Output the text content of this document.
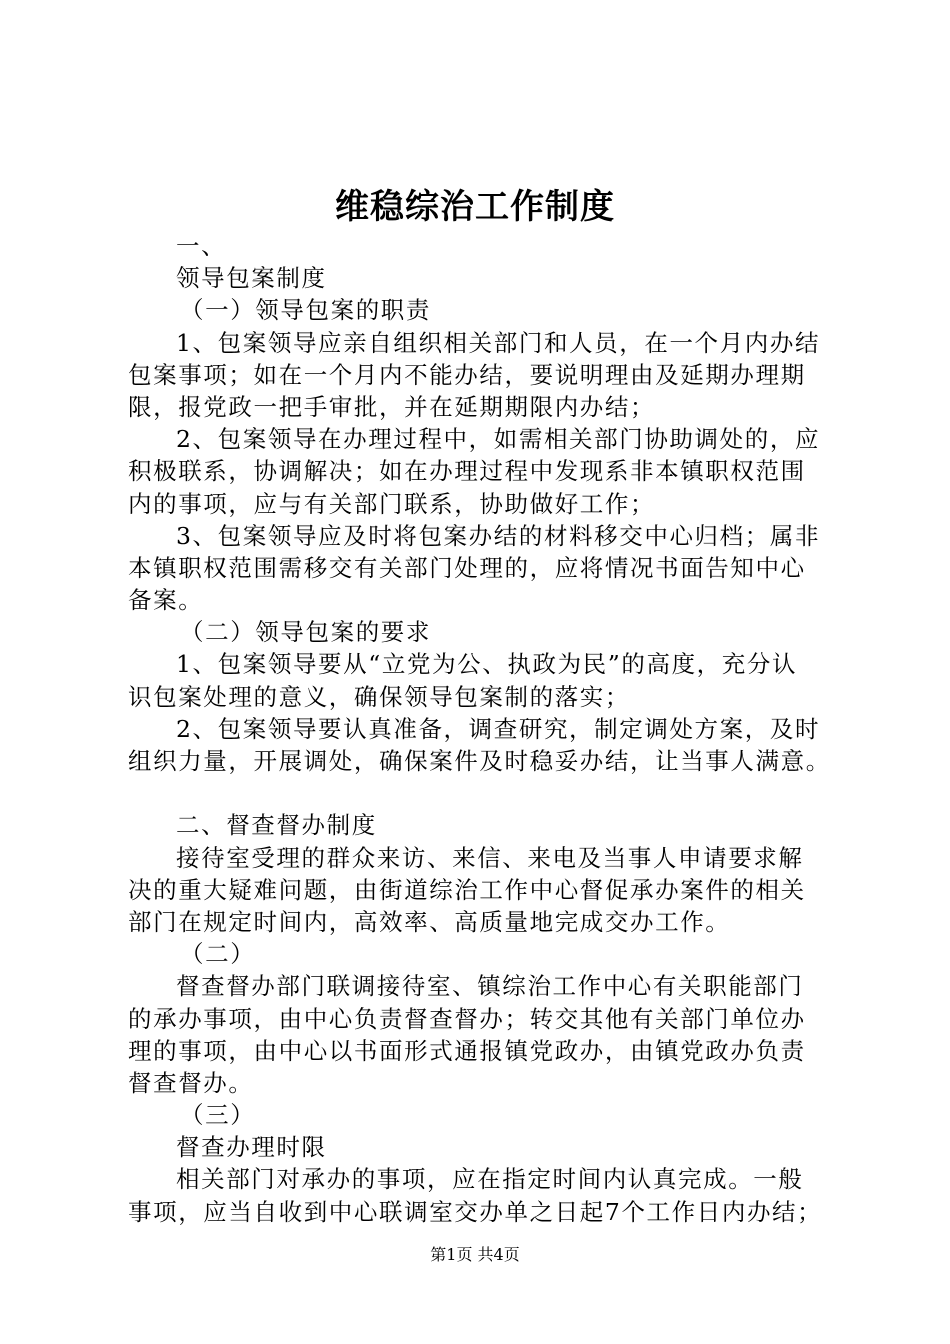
维稳综治工作制度

一、

领导包案制度

（一）领导包案的职责

1、包案领导应亲自组织相关部门和人员，在一个月内办结

包案事项；如在一个月内不能办结，要说明理由及延期办理期

限，报党政一把手审批，并在延期期限内办结；

2、包案领导在办理过程中，如需相关部门协助调处的，应

积极联系，协调解决；如在办理过程中发现系非本镇职权范围

内的事项，应与有关部门联系，协助做好工作；

3、包案领导应及时将包案办结的材料移交中心归档；属非

本镇职权范围需移交有关部门处理的，应将情况书面告知中心

备案。

（二）领导包案的要求

1、包案领导要从“立党为公、执政为民”的高度，充分认

识包案处理的意义，确保领导包案制的落实；

2、包案领导要认真准备，调查研究，制定调处方案，及时

组织力量，开展调处，确保案件及时稳妥办结，让当事人满意。

二、督查督办制度

接待室受理的群众来访、来信、来电及当事人申请要求解

决的重大疑难问题，由街道综治工作中心督促承办案件的相关

部门在规定时间内，高效率、高质量地完成交办工作。

（二）

督查督办部门联调接待室、镇综治工作中心有关职能部门

的承办事项，由中心负责督查督办；转交其他有关部门单位办

理的事项，由中心以书面形式通报镇党政办，由镇党政办负责

督查督办。

（三）

督查办理时限

相关部门对承办的事项，应在指定时间内认真完成。一般

事项，应当自收到中心联调室交办单之日起7个工作日内办结；

第1页 共4页
